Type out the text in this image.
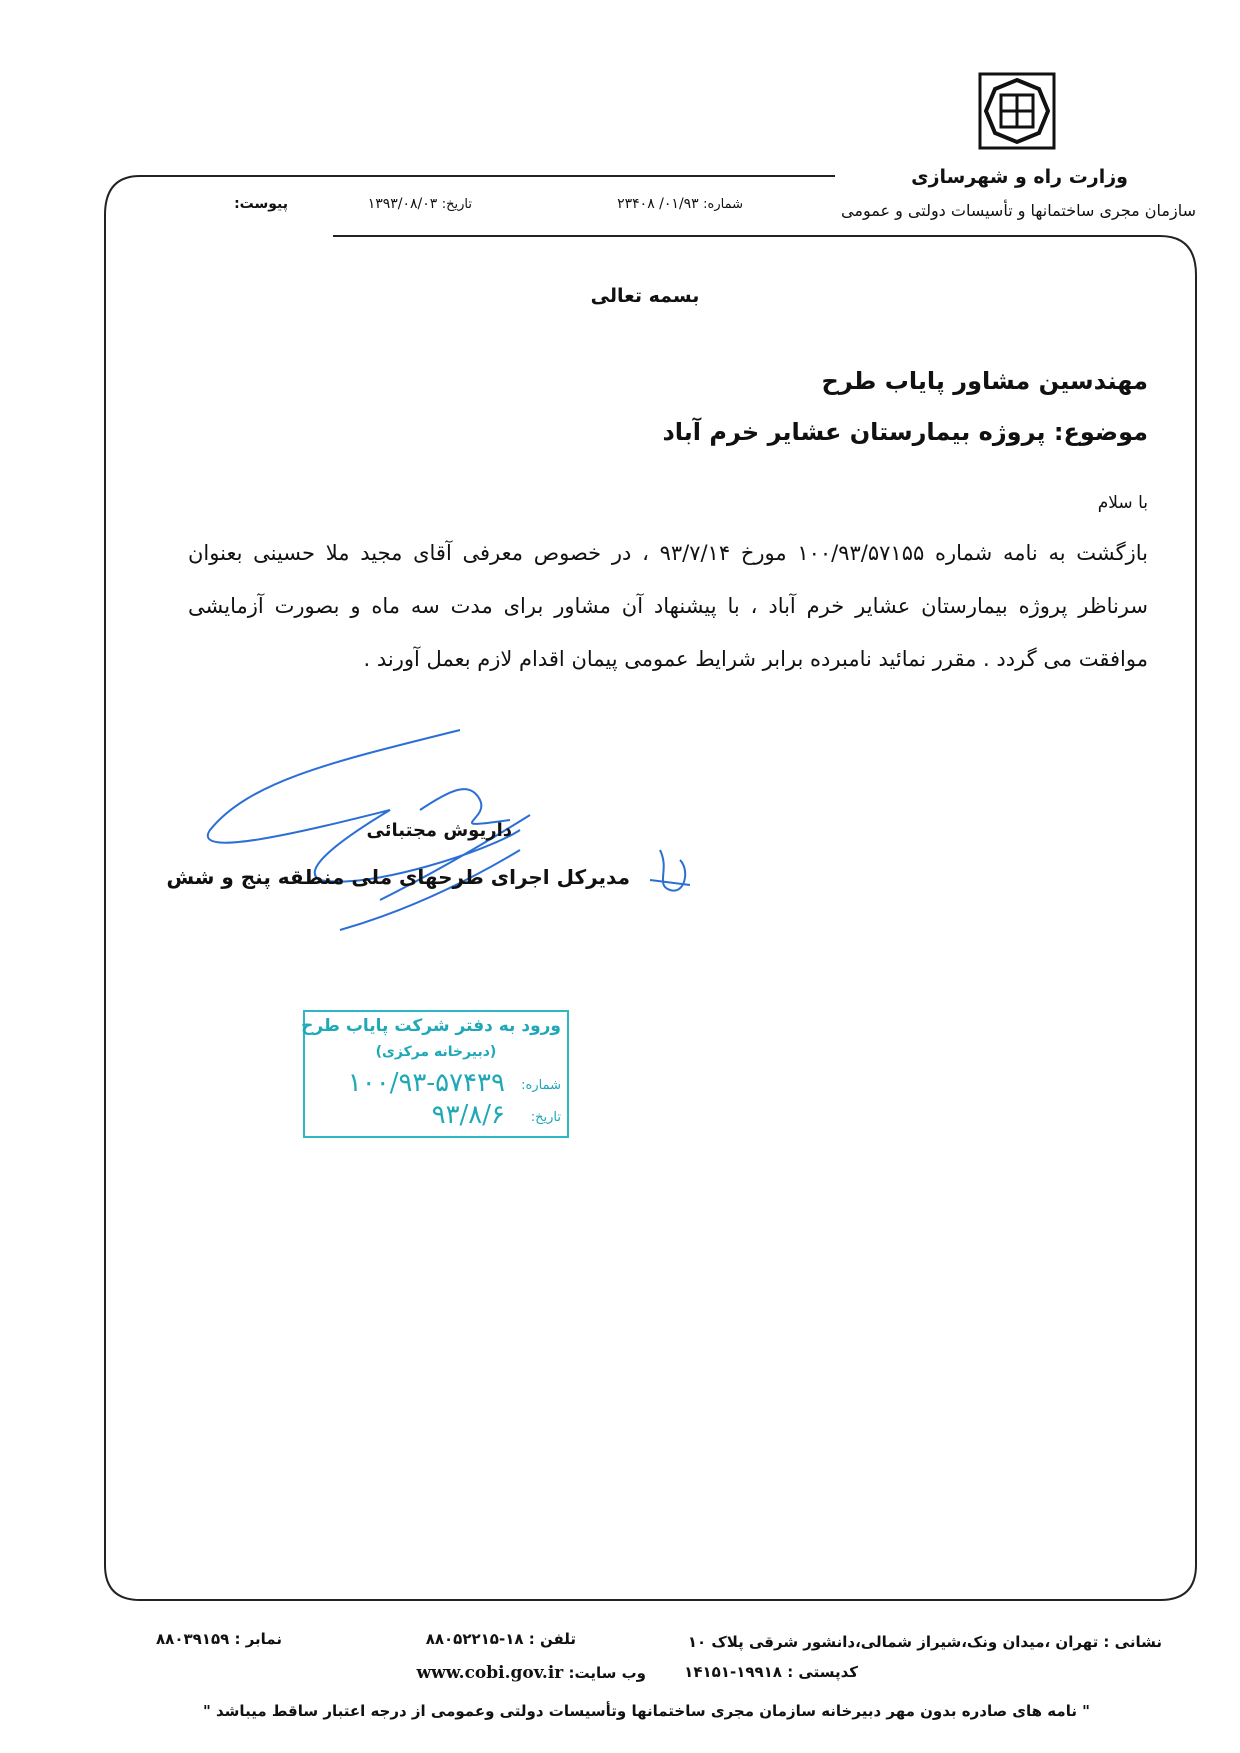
وزارت راه و شهرسازی
سازمان مجری ساختمانها و تأسیسات دولتی و عمومی
شماره: ۰۱/۹۳/ ۲۳۴۰۸
تاریخ: ۱۳۹۳/۰۸/۰۳
پیوست:
بسمه تعالی
مهندسین مشاور پایاب طرح
موضوع: پروژه بیمارستان عشایر خرم آباد
با سلام
بازگشت به نامه شماره ۱۰۰/۹۳/۵۷۱۵۵ مورخ ۹۳/۷/۱۴ ، در خصوص معرفی آقای مجید ملا حسینی بعنوان سرناظر پروژه بیمارستان عشایر خرم آباد ، با پیشنهاد آن مشاور برای مدت سه ماه و بصورت آزمایشی موافقت می گردد . مقرر نمائید نامبرده برابر شرایط عمومی پیمان اقدام لازم بعمل آورند .
داریوش مجتبائی
مدیرکل اجرای طرحهای ملی منطقه پنج و شش
ورود به دفتر شرکت پایاب طرح
(دبیرخانه مرکزی)
شماره:
۱۰۰/۹۳-۵۷۴۳۹
تاریخ:
۹۳/۸/۶
نشانی : تهران ،میدان ونک،شیراز شمالی،دانشور شرقی پلاک ۱۰
تلفن : ۱۸-۸۸۰۵۲۲۱۵
نمابر : ۸۸۰۳۹۱۵۹
کدپستی : ۱۹۹۱۸-۱۴۱۵۱
وب سایت: www.cobi.gov.ir
" نامه های صادره بدون مهر دبیرخانه سازمان مجری ساختمانها وتأسیسات دولتی وعمومی از درجه اعتبار ساقط میباشد "
